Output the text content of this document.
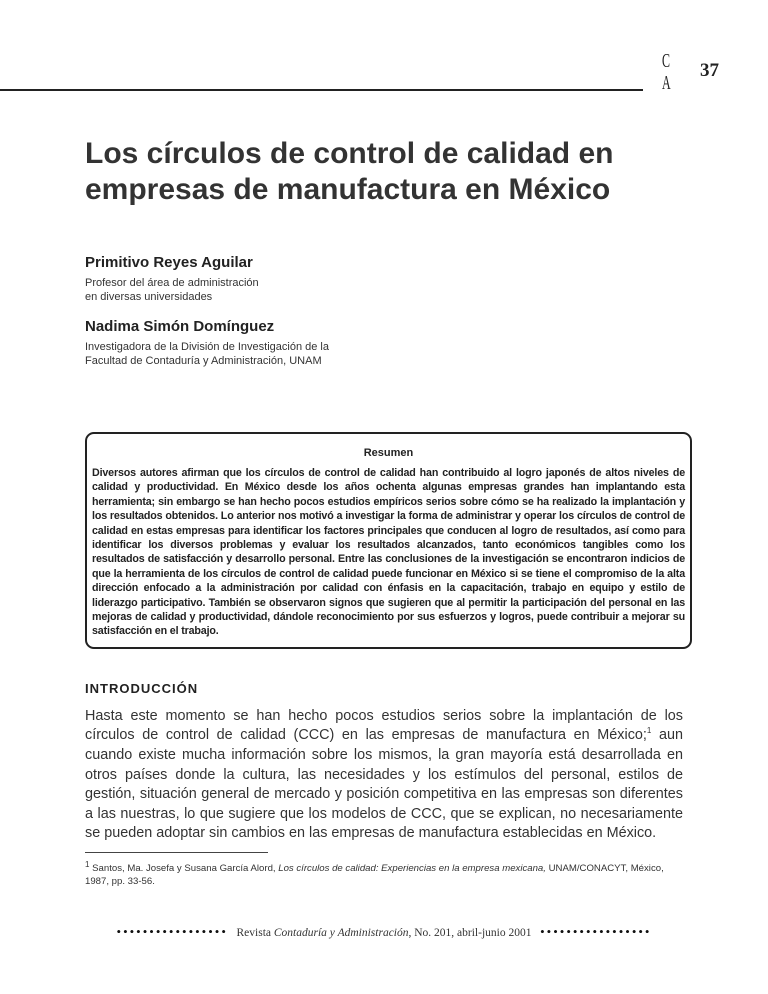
C
A
37
Los círculos de control de calidad en
empresas de manufactura en México
Primitivo Reyes Aguilar
Profesor del área de administración
en diversas universidades
Nadima Simón Domínguez
Investigadora de la División de Investigación de la
Facultad de Contaduría y Administración, UNAM
Resumen

Diversos autores afirman que los círculos de control de calidad han contribuido al logro japonés de altos niveles de calidad y productividad. En México desde los años ochenta algunas empresas grandes han implantando esta herramienta; sin embargo se han hecho pocos estudios empíricos serios sobre cómo se ha realizado la implantación y los resultados obtenidos. Lo anterior nos motivó a investigar la forma de administrar y operar los círculos de control de calidad en estas empresas para identificar los factores principales que conducen al logro de resultados, así como para identificar los diversos problemas y evaluar los resultados alcanzados, tanto económicos tangibles como los resultados de satisfacción y desarrollo personal. Entre las conclusiones de la investigación se encontraron indicios de que la herramienta de los círculos de control de calidad puede funcionar en México si se tiene el compromiso de la alta dirección enfocado a la administración por calidad con énfasis en la capacitación, trabajo en equipo y estilo de liderazgo participativo. También se observaron signos que sugieren que al permitir la participación del personal en las mejoras de calidad y productividad, dándole reconocimiento por sus esfuerzos y logros, puede contribuir a mejorar su satisfacción en el trabajo.

INTRODUCCIÓN

Hasta este momento se han hecho pocos estudios serios sobre la implantación de los círculos de control de calidad (CCC) en las empresas de manufactura en México;$^1$ aun cuando existe mucha información sobre los mismos, la gran mayoría está desarrollada en otros países donde la cultura, las necesidades y los estímulos del personal, estilos de gestión, situación general de mercado y posición competitiva en las empresas son diferentes a las nuestras, lo que sugiere que los modelos de CCC, que se explican, no necesariamente se pueden adoptar sin cambios en las empresas de manufactura establecidas en México.

$^1$ Santos, Ma. Josefa y Susana García Alord, Los círculos de calidad: Experiencias en la empresa mexicana, UNAM/CONACYT, México, 1987, pp. 33-56.
••••••••••••••••• Revista Contaduría y Administración, No. 201, abril-junio 2001 •••••••••••••••••
